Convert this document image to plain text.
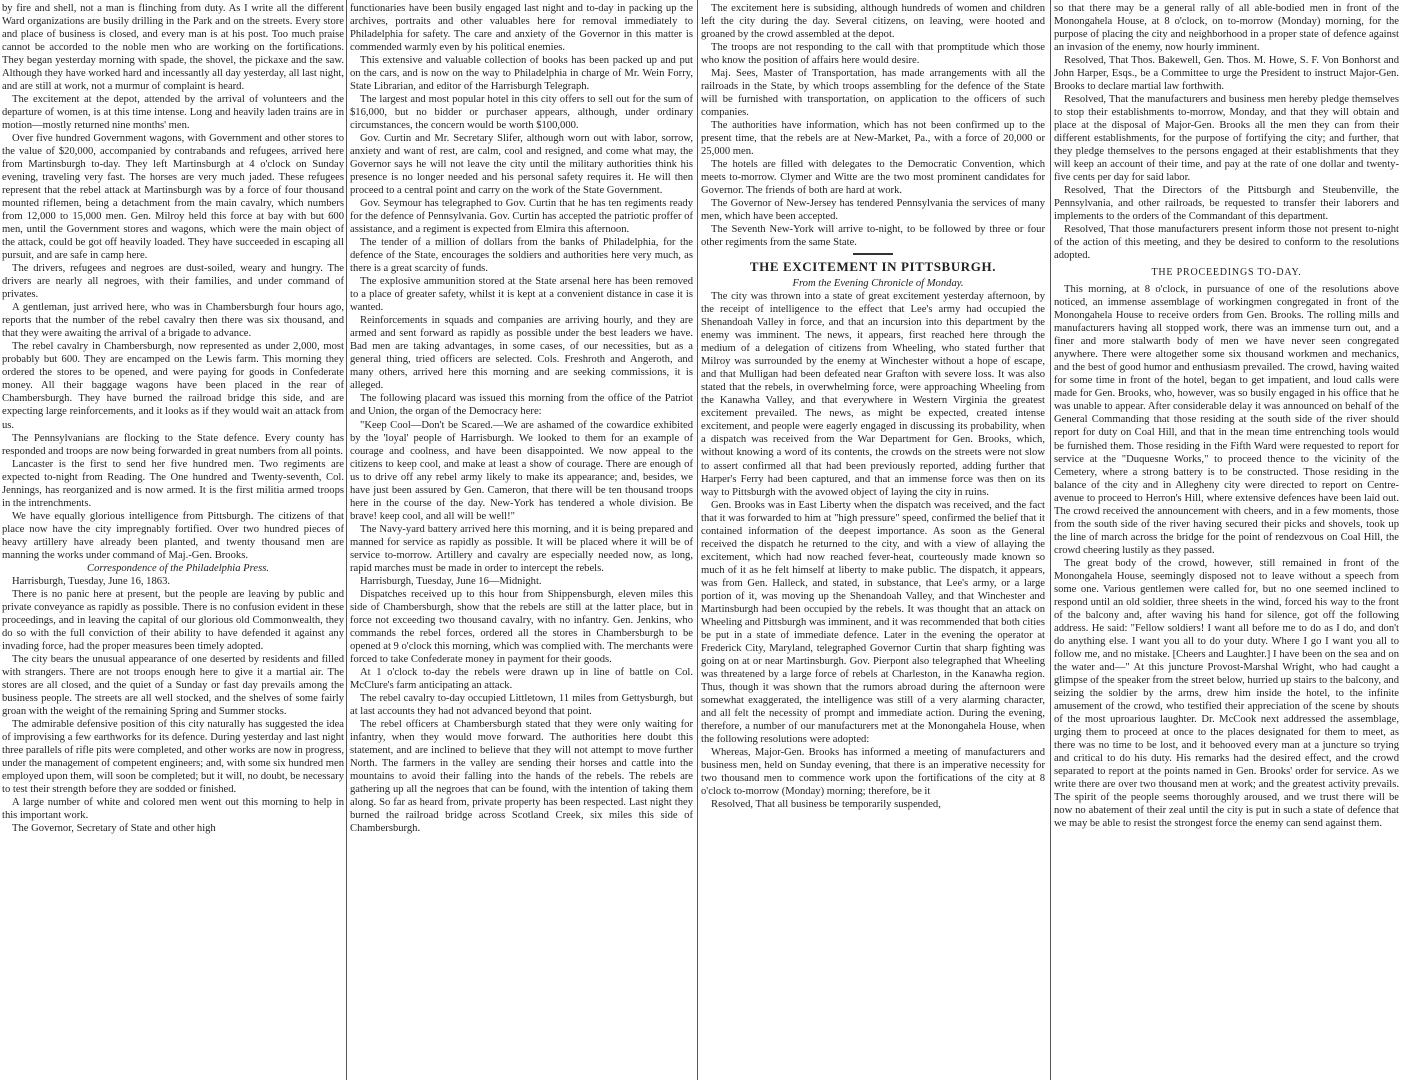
by fire and shell, not a man is flinching from duty. As I write all the different Ward organizations are busily drilling in the Park and on the streets. Every store and place of business is closed, and every man is at his post. Too much praise cannot be accorded to the noble men who are working on the fortifications. They began yesterday morning with spade, the shovel, the pickaxe and the saw. Although they have worked hard and incessantly all day yesterday, all last night, and are still at work, not a murmur of complaint is heard.

The excitement at the depot, attended by the arrival of volunteers and the departure of women, is at this time intense. Long and heavily laden trains are in motion—mostly returned nine months' men.

Over five hundred Government wagons, with Government and other stores to the value of $20,000, accompanied by contrabands and refugees, arrived here from Martinsburgh to-day. They left Martinsburgh at 4 o'clock on Sunday evening, traveling very fast. The horses are very much jaded. These refugees represent that the rebel attack at Martinsburgh was by a force of four thousand mounted riflemen, being a detachment from the main cavalry, which numbers from 12,000 to 15,000 men. Gen. Milroy held this force at bay with but 600 men, until the Government stores and wagons, which were the main object of the attack, could be got off heavily loaded. They have succeeded in escaping all pursuit, and are safe in camp here.

The drivers, refugees and negroes are dust-soiled, weary and hungry. The drivers are nearly all negroes, with their families, and under command of privates.

A gentleman, just arrived here, who was in Chambersburgh four hours ago, reports that the number of the rebel cavalry then there was six thousand, and that they were awaiting the arrival of a brigade to advance.

The rebel cavalry in Chambersburgh, now represented as under 2,000, most probably but 600. They are encamped on the Lewis farm. This morning they ordered the stores to be opened, and were paying for goods in Confederate money. All their baggage wagons have been placed in the rear of Chambersburgh. They have burned the railroad bridge this side, and are expecting large reinforcements, and it looks as if they would wait an attack from us.

The Pennsylvanians are flocking to the State defence. Every county has responded and troops are now being forwarded in great numbers from all points.

Lancaster is the first to send her five hundred men. Two regiments are expected to-night from Reading. The One hundred and Twenty-seventh, Col. Jennings, has reorganized and is now armed. It is the first militia armed troops in the intrenchments.

We have equally glorious intelligence from Pittsburgh. The citizens of that place now have the city impregnably fortified. Over two hundred pieces of heavy artillery have already been planted, and twenty thousand men are manning the works under command of Maj.-Gen. Brooks.

Correspondence of the Philadelphia Press.

Harrisburgh, Tuesday, June 16, 1863.

There is no panic here at present, but the people are leaving by public and private conveyance as rapidly as possible. There is no confusion evident in these proceedings, and in leaving the capital of our glorious old Commonwealth, they do so with the full conviction of their ability to have defended it against any invading force, had the proper measures been timely adopted.

The city bears the unusual appearance of one deserted by residents and filled with strangers. There are not troops enough here to give it a martial air. The stores are all closed, and the quiet of a Sunday or fast day prevails among the business people. The streets are all well stocked, and the shelves of some fairly groan with the weight of the remaining Spring and Summer stocks.

The admirable defensive position of this city naturally has suggested the idea of improvising a few earthworks for its defence. During yesterday and last night three parallels of rifle pits were completed, and other works are now in progress, under the management of competent engineers; and, with some six hundred men employed upon them, will soon be completed; but it will, no doubt, be necessary to test their strength before they are sodded or finished.

A large number of white and colored men went out this morning to help in this important work.

The Governor, Secretary of State and other high

functionaries have been busily engaged last night and to-day in packing up the archives, portraits and other valuables here for removal immediately to Philadelphia for safety. The care and anxiety of the Governor in this matter is commended warmly even by his political enemies.

This extensive and valuable collection of books has been packed up and put on the cars, and is now on the way to Philadelphia in charge of Mr. Wein Forry, State Librarian, and editor of the Harrisburgh Telegraph.

The largest and most popular hotel in this city offers to sell out for the sum of $16,000, but no bidder or purchaser appears, although, under ordinary circumstances, the concern would be worth $100,000.

Gov. Curtin and Mr. Secretary Slifer, although worn out with labor, sorrow, anxiety and want of rest, are calm, cool and resigned, and come what may, the Governor says he will not leave the city until the military authorities think his presence is no longer needed and his personal safety requires it. He will then proceed to a central point and carry on the work of the State Government.

Gov. Seymour has telegraphed to Gov. Curtin that he has ten regiments ready for the defence of Pennsylvania. Gov. Curtin has accepted the patriotic proffer of assistance, and a regiment is expected from Elmira this afternoon.

The tender of a million of dollars from the banks of Philadelphia, for the defence of the State, encourages the soldiers and authorities here very much, as there is a great scarcity of funds.

The explosive ammunition stored at the State arsenal here has been removed to a place of greater safety, whilst it is kept at a convenient distance in case it is wanted.

Reinforcements in squads and companies are arriving hourly, and they are armed and sent forward as rapidly as possible under the best leaders we have. Bad men are taking advantages, in some cases, of our necessities, but as a general thing, tried officers are selected. Cols. Freshroth and Angeroth, and many others, arrived here this morning and are seeking commissions, it is alleged.

The following placard was issued this morning from the office of the Patriot and Union, the organ of the Democracy here:

"Keep Cool—Don't be Scared.—We are ashamed of the cowardice exhibited by the 'loyal' people of Harrisburgh. We looked to them for an example of courage and coolness, and have been disappointed. We now appeal to the citizens to keep cool, and make at least a show of courage. There are enough of us to drive off any rebel army likely to make its appearance; and, besides, we have just been assured by Gen. Cameron, that there will be ten thousand troops here in the course of the day. New-York has tendered a whole division. Be brave! keep cool, and all will be well!"

The Navy-yard battery arrived here this morning, and it is being prepared and manned for service as rapidly as possible. It will be placed where it will be of service to-morrow. Artillery and cavalry are especially needed now, as long, rapid marches must be made in order to intercept the rebels.

Harrisburgh, Tuesday, June 16—Midnight.

Dispatches received up to this hour from Shippensburgh, eleven miles this side of Chambersburgh, show that the rebels are still at the latter place, but in force not exceeding two thousand cavalry, with no infantry. Gen. Jenkins, who commands the rebel forces, ordered all the stores in Chambersburgh to be opened at 9 o'clock this morning, which was complied with. The merchants were forced to take Confederate money in payment for their goods.

At 1 o'clock to-day the rebels were drawn up in line of battle on Col. McClure's farm anticipating an attack.

The rebel cavalry to-day occupied Littletown, 11 miles from Gettysburgh, but at last accounts they had not advanced beyond that point.

The rebel officers at Chambersburgh stated that they were only waiting for infantry, when they would move forward. The authorities here doubt this statement, and are inclined to believe that they will not attempt to move further North. The farmers in the valley are sending their horses and cattle into the mountains to avoid their falling into the hands of the rebels. The rebels are gathering up all the negroes that can be found, with the intention of taking them along. So far as heard from, private property has been respected. Last night they burned the railroad bridge across Scotland Creek, six miles this side of Chambersburgh.

The excitement here is subsiding, although hundreds of women and children left the city during the day. Several citizens, on leaving, were hooted and groaned by the crowd assembled at the depot.

The troops are not responding to the call with that promptitude which those who know the position of affairs here would desire.

Maj. Sees, Master of Transportation, has made arrangements with all the railroads in the State, by which troops assembling for the defence of the State will be furnished with transportation, on application to the officers of such companies.

The authorities have information, which has not been confirmed up to the present time, that the rebels are at New-Market, Pa., with a force of 20,000 or 25,000 men.

The hotels are filled with delegates to the Democratic Convention, which meets to-morrow. Clymer and Witte are the two most prominent candidates for Governor. The friends of both are hard at work.

The Governor of New-Jersey has tendered Pennsylvania the services of many men, which have been accepted.

The Seventh New-York will arrive to-night, to be followed by three or four other regiments from the same State.

THE EXCITEMENT IN PITTSBURGH.

From the Evening Chronicle of Monday.

The city was thrown into a state of great excitement yesterday afternoon, by the receipt of intelligence to the effect that Lee's army had occupied the Shenandoah Valley in force, and that an incursion into this department by the enemy was imminent. The news, it appears, first reached here through the medium of a delegation of citizens from Wheeling, who stated further that Milroy was surrounded by the enemy at Winchester without a hope of escape, and that Mulligan had been defeated near Grafton with severe loss. It was also stated that the rebels, in overwhelming force, were approaching Wheeling from the Kanawha Valley, and that everywhere in Western Virginia the greatest excitement prevailed. The news, as might be expected, created intense excitement, and people were eagerly engaged in discussing its probability, when a dispatch was received from the War Department for Gen. Brooks, which, without knowing a word of its contents, the crowds on the streets were not slow to assert confirmed all that had been previously reported, adding further that Harper's Ferry had been captured, and that an immense force was then on its way to Pittsburgh with the avowed object of laying the city in ruins.

Gen. Brooks was in East Liberty when the dispatch was received, and the fact that it was forwarded to him at "high pressure" speed, confirmed the belief that it contained information of the deepest importance. As soon as the General received the dispatch he returned to the city, and with a view of allaying the excitement, which had now reached fever-heat, courteously made known so much of it as he felt himself at liberty to make public. The dispatch, it appears, was from Gen. Halleck, and stated, in substance, that Lee's army, or a large portion of it, was moving up the Shenandoah Valley, and that Winchester and Martinsburgh had been occupied by the rebels. It was thought that an attack on Wheeling and Pittsburgh was imminent, and it was recommended that both cities be put in a state of immediate defence. Later in the evening the operator at Frederick City, Maryland, telegraphed Governor Curtin that sharp fighting was going on at or near Martinsburgh. Gov. Pierpont also telegraphed that Wheeling was threatened by a large force of rebels at Charleston, in the Kanawha region. Thus, though it was shown that the rumors abroad during the afternoon were somewhat exaggerated, the intelligence was still of a very alarming character, and all felt the necessity of prompt and immediate action. During the evening, therefore, a number of our manufacturers met at the Monongahela House, when the following resolutions were adopted:

Whereas, Major-Gen. Brooks has informed a meeting of manufacturers and business men, held on Sunday evening, that there is an imperative necessity for two thousand men to commence work upon the fortifications of the city at 8 o'clock to-morrow (Monday) morning; therefore, be it

Resolved, That all business be temporarily suspended,

so that there may be a general rally of all able-bodied men in front of the Monongahela House, at 8 o'clock, on to-morrow (Monday) morning, for the purpose of placing the city and neighborhood in a proper state of defence against an invasion of the enemy, now hourly imminent.

Resolved, That Thos. Bakewell, Gen. Thos. M. Howe, S. F. Von Bonhorst and John Harper, Esqs., be a Committee to urge the President to instruct Major-Gen. Brooks to declare martial law forthwith.

Resolved, That the manufacturers and business men hereby pledge themselves to stop their establishments to-morrow, Monday, and that they will obtain and place at the disposal of Major-Gen. Brooks all the men they can from their different establishments, for the purpose of fortifying the city; and further, that they pledge themselves to the persons engaged at their establishments that they will keep an account of their time, and pay at the rate of one dollar and twenty-five cents per day for said labor.

Resolved, That the Directors of the Pittsburgh and Steubenville, the Pennsylvania, and other railroads, be requested to transfer their laborers and implements to the orders of the Commandant of this department.

Resolved, That those manufacturers present inform those not present to-night of the action of this meeting, and they be desired to conform to the resolutions adopted.

THE PROCEEDINGS TO-DAY.

This morning, at 8 o'clock, in pursuance of one of the resolutions above noticed, an immense assemblage of workingmen congregated in front of the Monongahela House to receive orders from Gen. Brooks. The rolling mills and manufacturers having all stopped work, there was an immense turn out, and a finer and more stalwarth body of men we have never seen congregated anywhere. There were altogether some six thousand workmen and mechanics, and the best of good humor and enthusiasm prevailed. The crowd, having waited for some time in front of the hotel, began to get impatient, and loud calls were made for Gen. Brooks, who, however, was so busily engaged in his office that he was unable to appear. After considerable delay it was announced on behalf of the General Commanding that those residing at the south side of the river should report for duty on Coal Hill, and that in the mean time entrenching tools would be furnished them. Those residing in the Fifth Ward were requested to report for service at the "Duquesne Works," to proceed thence to the vicinity of the Cemetery, where a strong battery is to be constructed. Those residing in the balance of the city and in Allegheny city were directed to report on Centre-avenue to proceed to Herron's Hill, where extensive defences have been laid out. The crowd received the announcement with cheers, and in a few moments, those from the south side of the river having secured their picks and shovels, took up the line of march across the bridge for the point of rendezvous on Coal Hill, the crowd cheering lustily as they passed.

The great body of the crowd, however, still remained in front of the Monongahela House, seemingly disposed not to leave without a speech from some one. Various gentlemen were called for, but no one seemed inclined to respond until an old soldier, three sheets in the wind, forced his way to the front of the balcony and, after waving his hand for silence, got off the following address. He said: "Fellow soldiers! I want all before me to do as I do, and don't do anything else. I want you all to do your duty. Where I go I want you all to follow me, and no mistake. [Cheers and Laughter.] I have been on the sea and on the water and—" At this juncture Provost-Marshal Wright, who had caught a glimpse of the speaker from the street below, hurried up stairs to the balcony, and seizing the soldier by the arms, drew him inside the hotel, to the infinite amusement of the crowd, who testified their appreciation of the scene by shouts of the most uproarious laughter. Dr. McCook next addressed the assemblage, urging them to proceed at once to the places designated for them to meet, as there was no time to be lost, and it behooved every man at a juncture so trying and critical to do his duty. His remarks had the desired effect, and the crowd separated to report at the points named in Gen. Brooks' order for service. As we write there are over two thousand men at work; and the greatest activity prevails. The spirit of the people seems thoroughly aroused, and we trust there will be now no abatement of their zeal until the city is put in such a state of defence that we may be able to resist the strongest force the enemy can send against them.
